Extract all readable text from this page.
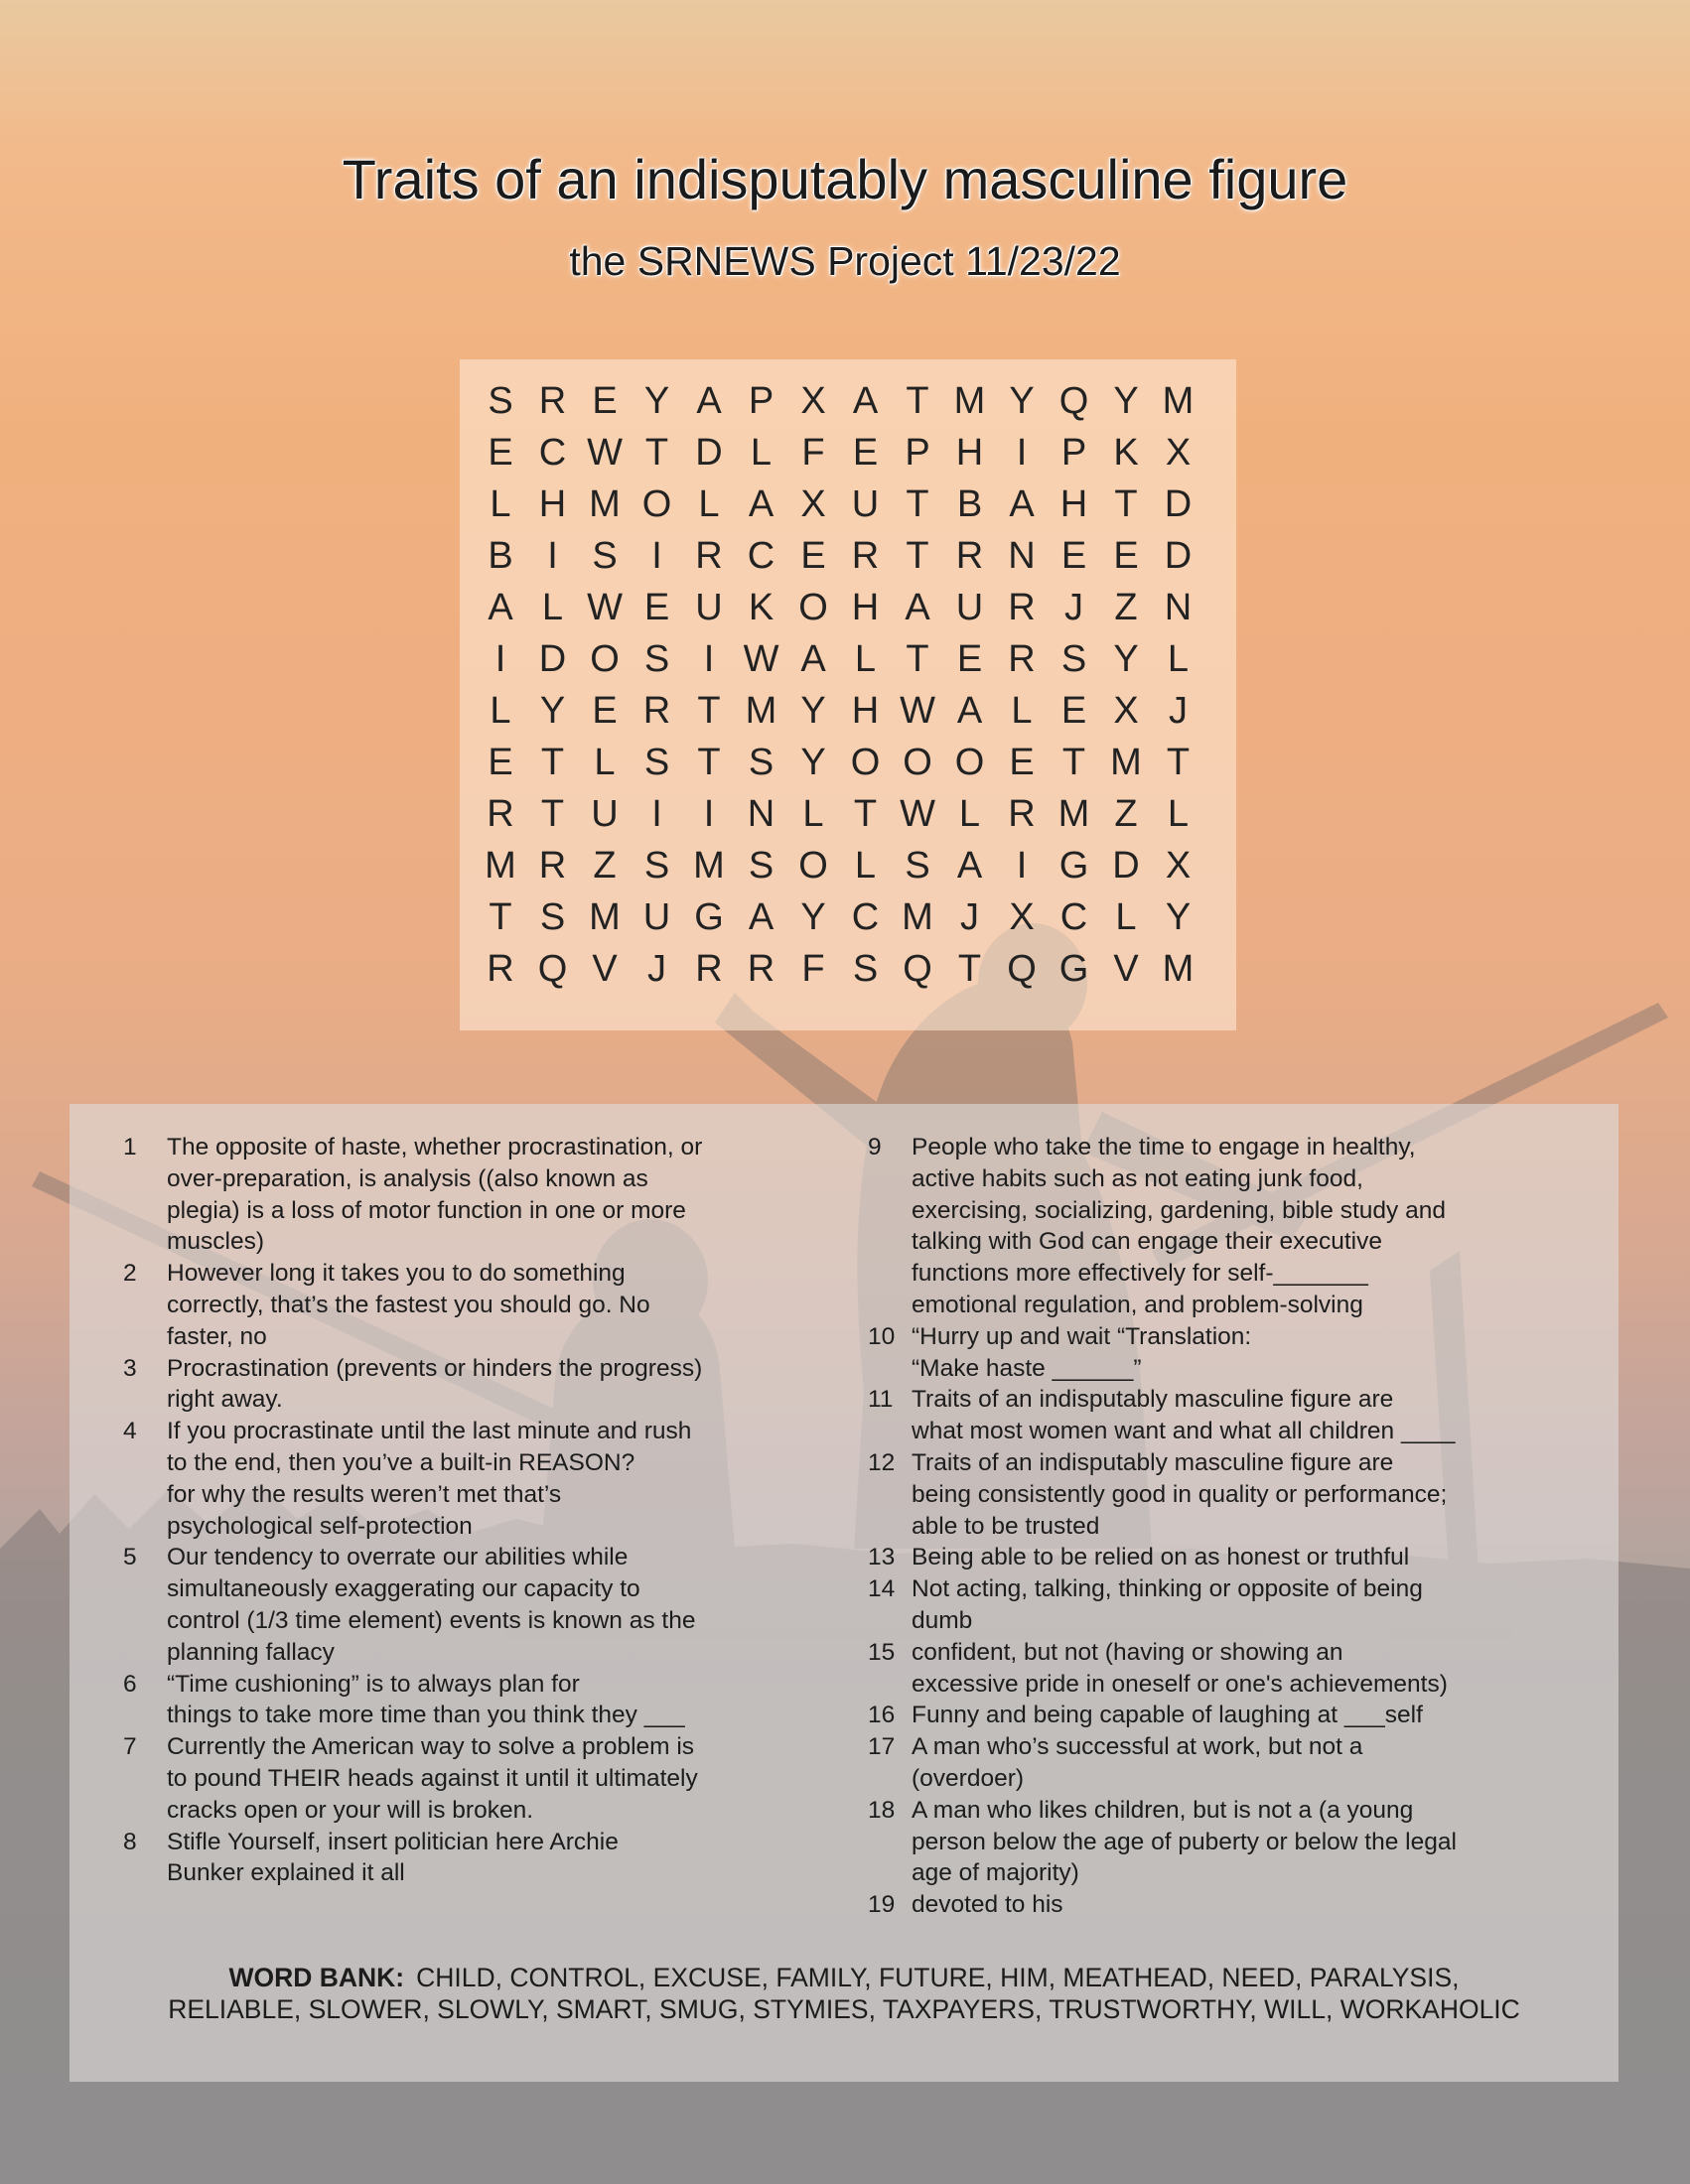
Traits of an indisputably masculine figure
the SRNEWS Project 11/23/22
S R E Y A P X A T M Y Q Y M
E C W T D L F E P H I P K X
L H M O L A X U T B A H T D
B I S I R C E R T R N E E D
A L W E U K O H A U R J Z N
I D O S I W A L T E R S Y L
L Y E R T M Y H W A L E X J
E T L S T S Y O O O E T M T
R T U I	I N L T W L R M Z L
M R Z S M S O L S A I G D X
T S M U G A Y C M J X C L Y
R Q V J R R F S Q T Q G V M
1	The opposite of haste, whether procrastination, or
over-preparation, is analysis ((also known as
plegia) is a loss of motor function in one or more
muscles)
2	However long it takes you to do something
correctly, that’s the fastest you should go. No
faster, no
3	Procrastination (prevents or hinders the progress)
right away.
4	If you procrastinate until the last minute and rush
to the end, then you’ve a built-in REASON?
for why the results weren’t met that’s
psychological self-protection
5	Our tendency to overrate our abilities while
simultaneously exaggerating our capacity to
control (1/3 time element) events is known as the
planning fallacy
6	“Time cushioning” is to always plan for
things to take more time than you think they ___
7	Currently the American way to solve a problem is
to pound THEIR heads against it until it ultimately
cracks open or your will is broken.
8	Stifle Yourself, insert politician here Archie
Bunker explained it all
9	People who take the time to engage in healthy,
active habits such as not eating junk food,
exercising, socializing, gardening, bible study and
talking with God can engage their executive
functions more effectively for self-_______
emotional regulation, and problem-solving
10 “Hurry up and wait “Translation:
“Make haste ______”
11 Traits of an indisputably masculine figure are
what most women want and what all children ____
12 Traits of an indisputably masculine figure are
being consistently good in quality or performance;
able to be trusted
13 Being able to be relied on as honest or truthful
14 Not acting, talking, thinking or opposite of being
dumb
15 confident, but not (having or showing an
excessive pride in oneself or one's achievements)
16 Funny and being capable of laughing at ___self
17 A man who’s successful at work, but not a
(overdoer)
18 A man who likes children, but is not a (a young
person below the age of puberty or below the legal
age of majority)
19 devoted to his
WORD BANK: CHILD, CONTROL, EXCUSE, FAMILY, FUTURE, HIM, MEATHEAD, NEED, PARALYSIS,
RELIABLE, SLOWER, SLOWLY, SMART, SMUG, STYMIES, TAXPAYERS, TRUSTWORTHY, WILL, WORKAHOLIC
